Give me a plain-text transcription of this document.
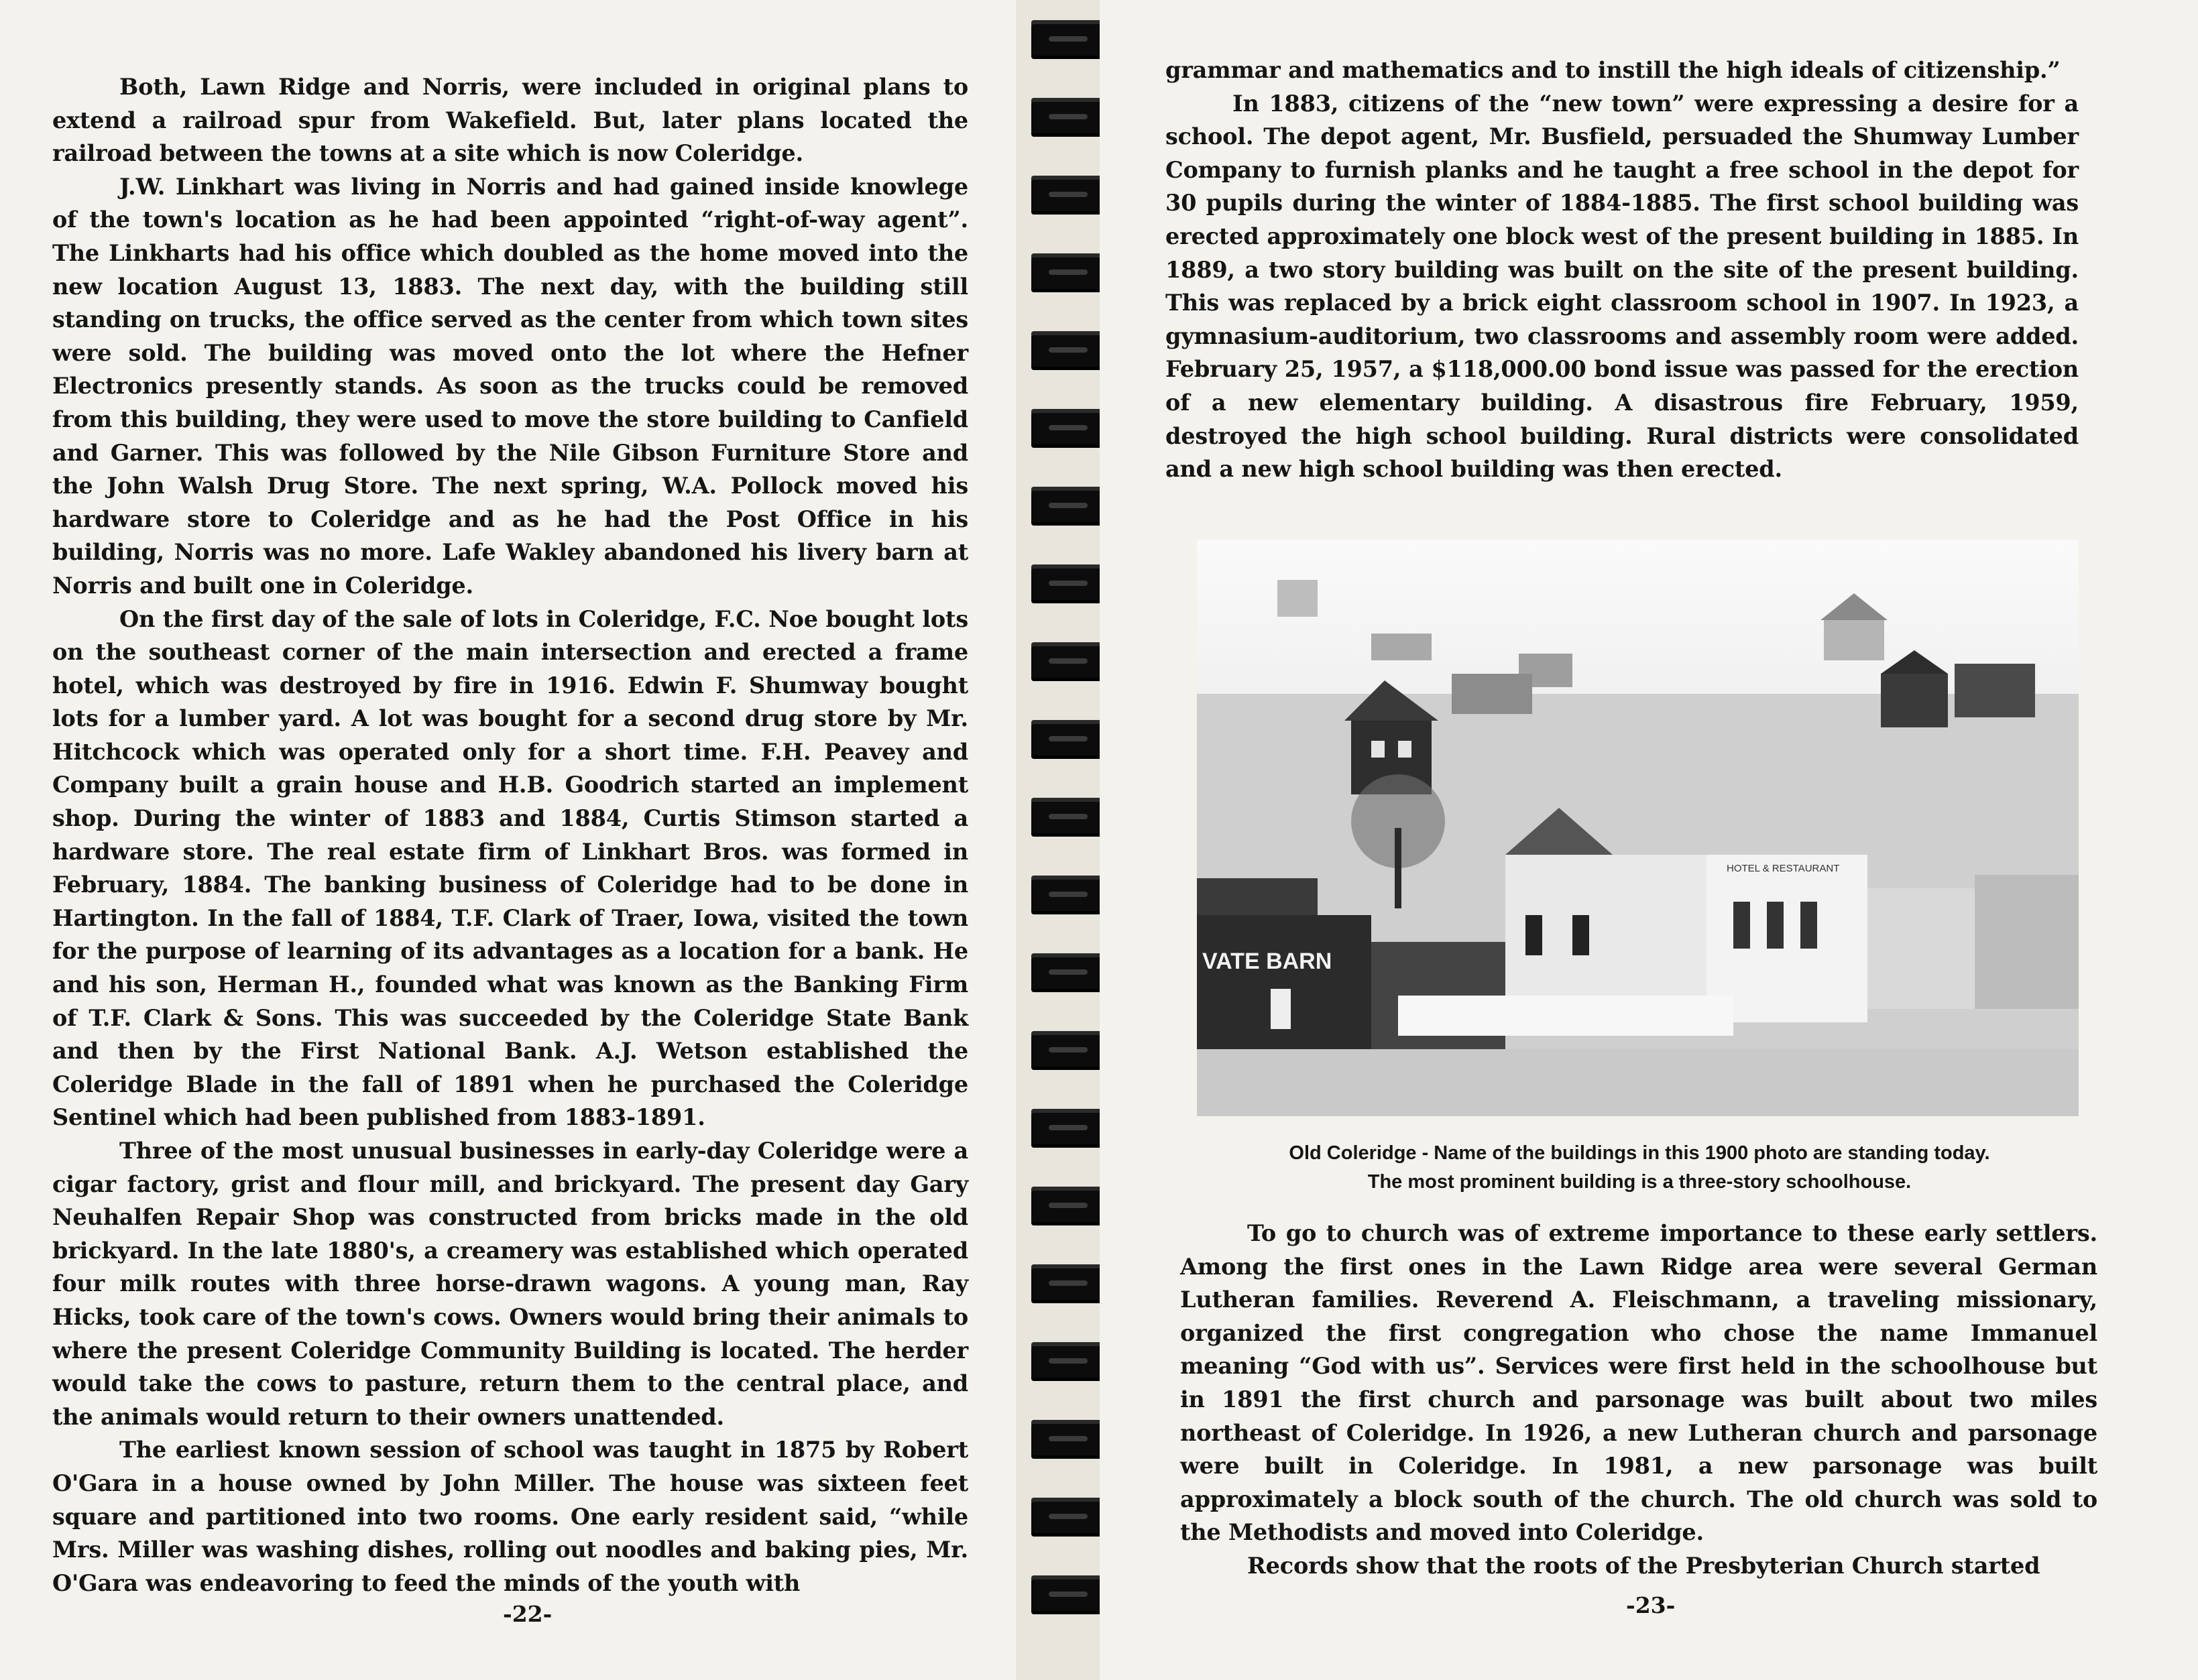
Both, Lawn Ridge and Norris, were included in original plans to extend a railroad spur from Wakefield. But, later plans located the railroad between the towns at a site which is now Coleridge.

J.W. Linkhart was living in Norris and had gained inside knowlege of the town's location as he had been appointed “right-of-way agent”. The Linkharts had his office which doubled as the home moved into the new location August 13, 1883. The next day, with the building still standing on trucks, the office served as the center from which town sites were sold. The building was moved onto the lot where the Hefner Electronics presently stands. As soon as the trucks could be removed from this building, they were used to move the store building to Canfield and Garner. This was followed by the Nile Gibson Furniture Store and the John Walsh Drug Store. The next spring, W.A. Pollock moved his hardware store to Coleridge and as he had the Post Office in his building, Norris was no more. Lafe Wakley abandoned his livery barn at Norris and built one in Coleridge.

On the first day of the sale of lots in Coleridge, F.C. Noe bought lots on the southeast corner of the main intersection and erected a frame hotel, which was destroyed by fire in 1916. Edwin F. Shumway bought lots for a lumber yard. A lot was bought for a second drug store by Mr. Hitchcock which was operated only for a short time. F.H. Peavey and Company built a grain house and H.B. Goodrich started an implement shop. During the winter of 1883 and 1884, Curtis Stimson started a hardware store. The real estate firm of Linkhart Bros. was formed in February, 1884. The banking business of Coleridge had to be done in Hartington. In the fall of 1884, T.F. Clark of Traer, Iowa, visited the town for the purpose of learning of its advantages as a location for a bank. He and his son, Herman H., founded what was known as the Banking Firm of T.F. Clark & Sons. This was succeeded by the Coleridge State Bank and then by the First National Bank. A.J. Wetson established the Coleridge Blade in the fall of 1891 when he purchased the Coleridge Sentinel which had been published from 1883-1891.

Three of the most unusual businesses in early-day Coleridge were a cigar factory, grist and flour mill, and brickyard. The present day Gary Neuhalfen Repair Shop was constructed from bricks made in the old brickyard. In the late 1880's, a creamery was established which operated four milk routes with three horse-drawn wagons. A young man, Ray Hicks, took care of the town's cows. Owners would bring their animals to where the present Coleridge Community Building is located. The herder would take the cows to pasture, return them to the central place, and the animals would return to their owners unattended.

The earliest known session of school was taught in 1875 by Robert O'Gara in a house owned by John Miller. The house was sixteen feet square and partitioned into two rooms. One early resident said, “while Mrs. Miller was washing dishes, rolling out noodles and baking pies, Mr. O'Gara was endeavoring to feed the minds of the youth with

-22-

grammar and mathematics and to instill the high ideals of citizenship.”

In 1883, citizens of the “new town” were expressing a desire for a school. The depot agent, Mr. Busfield, persuaded the Shumway Lumber Company to furnish planks and he taught a free school in the depot for 30 pupils during the winter of 1884-1885. The first school building was erected approximately one block west of the present building in 1885. In 1889, a two story building was built on the site of the present building. This was replaced by a brick eight classroom school in 1907. In 1923, a gymnasium-auditorium, two classrooms and assembly room were added. February 25, 1957, a $118,000.00 bond issue was passed for the erection of a new elementary building. A disastrous fire February, 1959, destroyed the high school building. Rural districts were consolidated and a new high school building was then erected.

VATE BARN
HOTEL & RESTAURANT
Old Coleridge - Name of the buildings in this 1900 photo are standing today.
The most prominent building is a three-story schoolhouse.

To go to church was of extreme importance to these early settlers. Among the first ones in the Lawn Ridge area were several German Lutheran families. Reverend A. Fleischmann, a traveling missionary, organized the first congregation who chose the name Immanuel meaning “God with us”. Services were first held in the schoolhouse but in 1891 the first church and parsonage was built about two miles northeast of Coleridge. In 1926, a new Lutheran church and parsonage were built in Coleridge. In 1981, a new parsonage was built approximately a block south of the church. The old church was sold to the Methodists and moved into Coleridge.

Records show that the roots of the Presbyterian Church started

-23-
